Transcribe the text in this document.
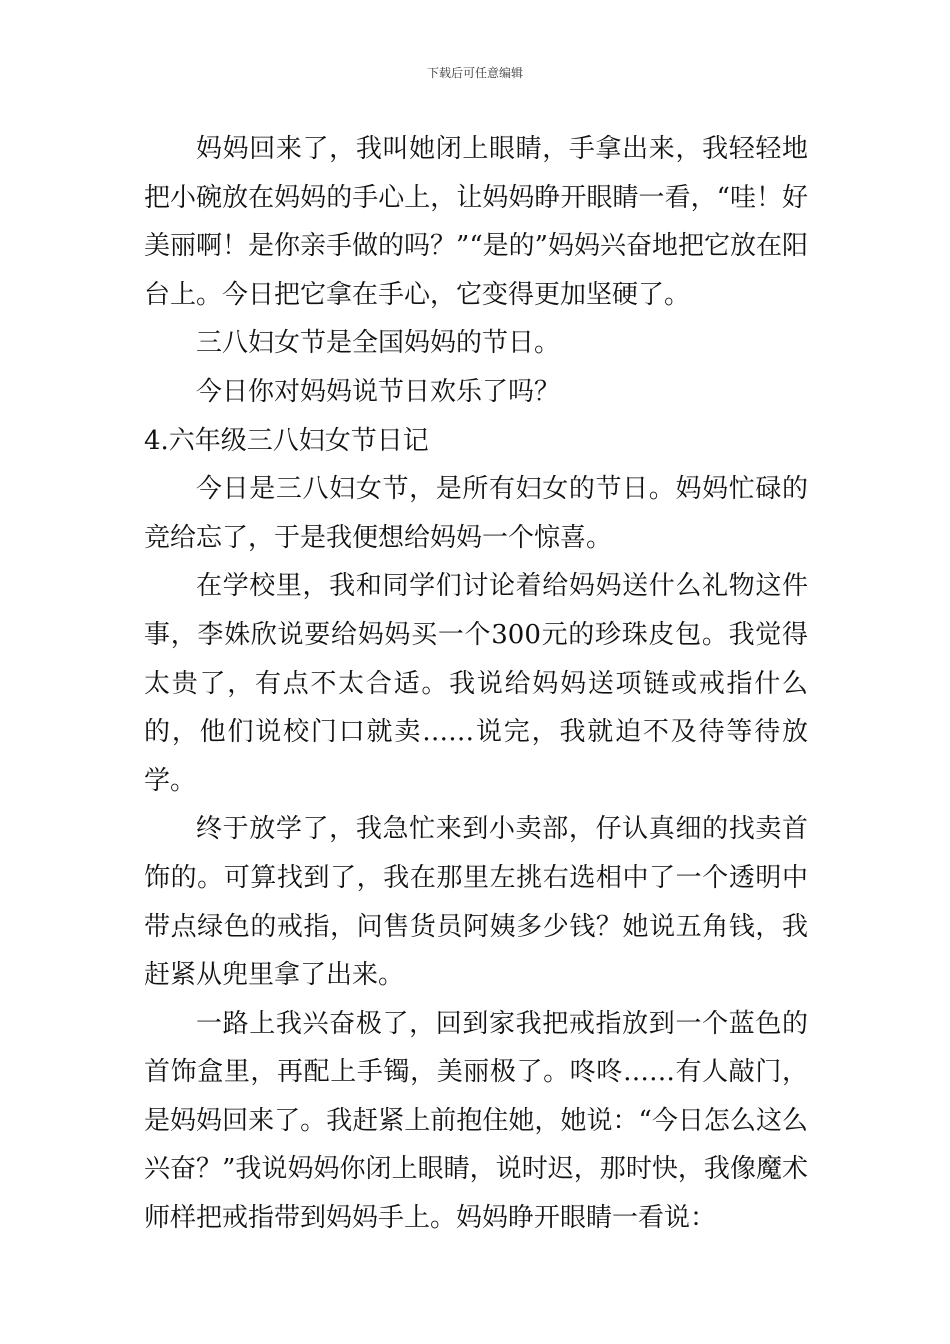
下载后可任意编辑

妈妈回来了，我叫她闭上眼睛，手拿出来，我轻轻地把小碗放在妈妈的手心上，让妈妈睁开眼睛一看，“哇！好美丽啊！是你亲手做的吗？”“是的”妈妈兴奋地把它放在阳台上。今日把它拿在手心，它变得更加坚硬了。

三八妇女节是全国妈妈的节日。

今日你对妈妈说节日欢乐了吗？

4.六年级三八妇女节日记

今日是三八妇女节，是所有妇女的节日。妈妈忙碌的竞给忘了，于是我便想给妈妈一个惊喜。

在学校里，我和同学们讨论着给妈妈送什么礼物这件事，李姝欣说要给妈妈买一个300元的珍珠皮包。我觉得太贵了，有点不太合适。我说给妈妈送项链或戒指什么的，他们说校门口就卖……说完，我就迫不及待等待放学。

终于放学了，我急忙来到小卖部，仔认真细的找卖首饰的。可算找到了，我在那里左挑右选相中了一个透明中带点绿色的戒指，问售货员阿姨多少钱？她说五角钱，我赶紧从兜里拿了出来。

一路上我兴奋极了，回到家我把戒指放到一个蓝色的首饰盒里，再配上手镯，美丽极了。咚咚……有人敲门，是妈妈回来了。我赶紧上前抱住她，她说：“今日怎么这么兴奋？”我说妈妈你闭上眼睛，说时迟，那时快，我像魔术师样把戒指带到妈妈手上。妈妈睁开眼睛一看说：
